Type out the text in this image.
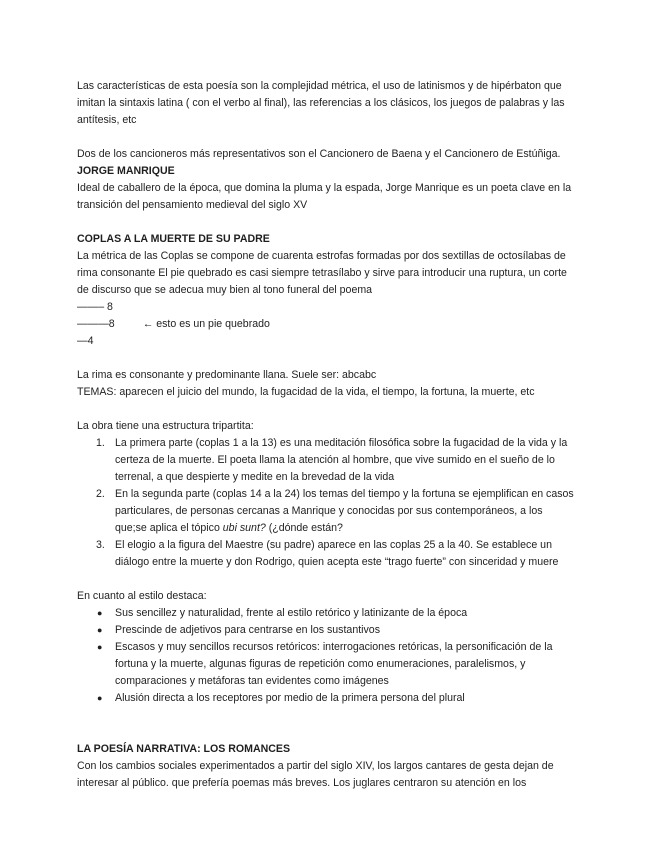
Las características de esta poesía son la complejidad métrica, el uso de latinismos y de hipérbaton que imitan la sintaxis latina ( con el verbo al final), las referencias a los clásicos, los juegos de palabras y las antítesis, etc

Dos de los cancioneros más representativos son el Cancionero de Baena y el Cancionero de Estúñiga.

JORGE MANRIQUE

Ideal de caballero de la época, que domina la pluma y la espada, Jorge Manrique es un poeta clave en la transición del pensamiento medieval del siglo XV

COPLAS A LA MUERTE DE SU PADRE

La métrica de las Coplas se compone de cuarenta estrofas formadas por dos sextillas de octosílabas de rima consonante El pie quebrado es casi siempre tetrasílabo y sirve para introducir una ruptura, un corte de discurso que se adecua muy bien al tono funeral del poema

——– 8

———8	← esto es un pie quebrado

—4

La rima es consonante y predominante llana. Suele ser: abcabc

TEMAS: aparecen el juicio del mundo, la fugacidad de la vida, el tiempo, la fortuna, la muerte, etc

La obra tiene una estructura tripartita:

1. La primera parte (coplas 1 a la 13) es una meditación filosófica sobre la fugacidad de la vida y la certeza de la muerte. El poeta llama la atención al hombre, que vive sumido en el sueño de lo terrenal, a que despierte y medite en la brevedad de la vida
2. En la segunda parte (coplas 14 a la 24) los temas del tiempo y la fortuna se ejemplifican en casos particulares, de personas cercanas a Manrique y conocidas por sus contemporáneos, a los que;se aplica el tópico ubi sunt? (¿dónde están?
3. El elogio a la figura del Maestre (su padre) aparece en las coplas 25 a la 40. Se establece un diálogo entre la muerte y don Rodrigo, quien acepta este “trago fuerte” con sinceridad y muere

En cuanto al estilo destaca:

● Sus sencillez y naturalidad, frente al estilo retórico y latinizante de la época
● Prescinde de adjetivos para centrarse en los sustantivos
● Escasos y muy sencillos recursos retóricos: interrogaciones retóricas, la personificación de la fortuna y la muerte, algunas figuras de repetición como enumeraciones, paralelismos, y comparaciones y metáforas tan evidentes como imágenes
● Alusión directa a los receptores por medio de la primera persona del plural

LA POESÍA NARRATIVA: LOS ROMANCES

Con los cambios sociales experimentados a partir del siglo XIV, los largos cantares de gesta dejan de interesar al público. que prefería poemas más breves. Los juglares centraron su atención en los
